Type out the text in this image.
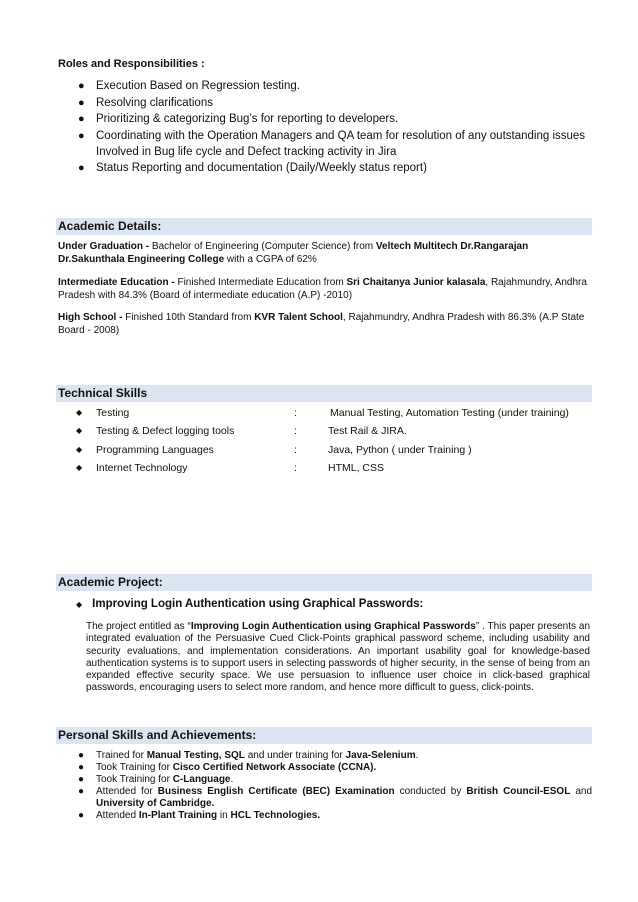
Roles and Responsibilities :
● Execution Based on Regression testing.
● Resolving clarifications
● Prioritizing & categorizing Bug’s for reporting to developers.
● Coordinating with the Operation Managers and QA team for resolution of any outstanding issues Involved in Bug life cycle and Defect tracking activity in Jira
● Status Reporting and documentation (Daily/Weekly status report)
Academic Details:
Under Graduation - Bachelor of Engineering (Computer Science) from Veltech Multitech Dr.Rangarajan Dr.Sakunthala Engineering College with a CGPA of 62%
Intermediate Education - Finished Intermediate Education from Sri Chaitanya Junior kalasala, Rajahmundry, Andhra Pradesh with 84.3% (Board of intermediate education (A.P) -2010)
High School - Finished 10th Standard from KVR Talent School, Rajahmundry, Andhra Pradesh with 86.3% (A.P State Board - 2008)
Technical Skills
◆ Testing	:	Manual Testing, Automation Testing (under training)
◆ Testing & Defect logging tools	:	Test Rail & JIRA.
◆ Programming Languages	:	Java, Python ( under Training )
◆ Internet Technology	:	HTML, CSS
Academic Project:
◆ Improving Login Authentication using Graphical Passwords:
The project entitled as “Improving Login Authentication using Graphical Passwords” . This paper presents an integrated evaluation of the Persuasive Cued Click-Points graphical password scheme, including usability and security evaluations, and implementation considerations. An important usability goal for knowledge-based authentication systems is to support users in selecting passwords of higher security, in the sense of being from an expanded effective security space. We use persuasion to influence user choice in click-based graphical passwords, encouraging users to select more random, and hence more difficult to guess, click-points.
Personal Skills and Achievements:
● Trained for Manual Testing, SQL and under training for Java-Selenium.
● Took Training for Cisco Certified Network Associate (CCNA).
● Took Training for C-Language.
● Attended for Business English Certificate (BEC) Examination conducted by British Council-ESOL and University of Cambridge.
● Attended In-Plant Training in HCL Technologies.
